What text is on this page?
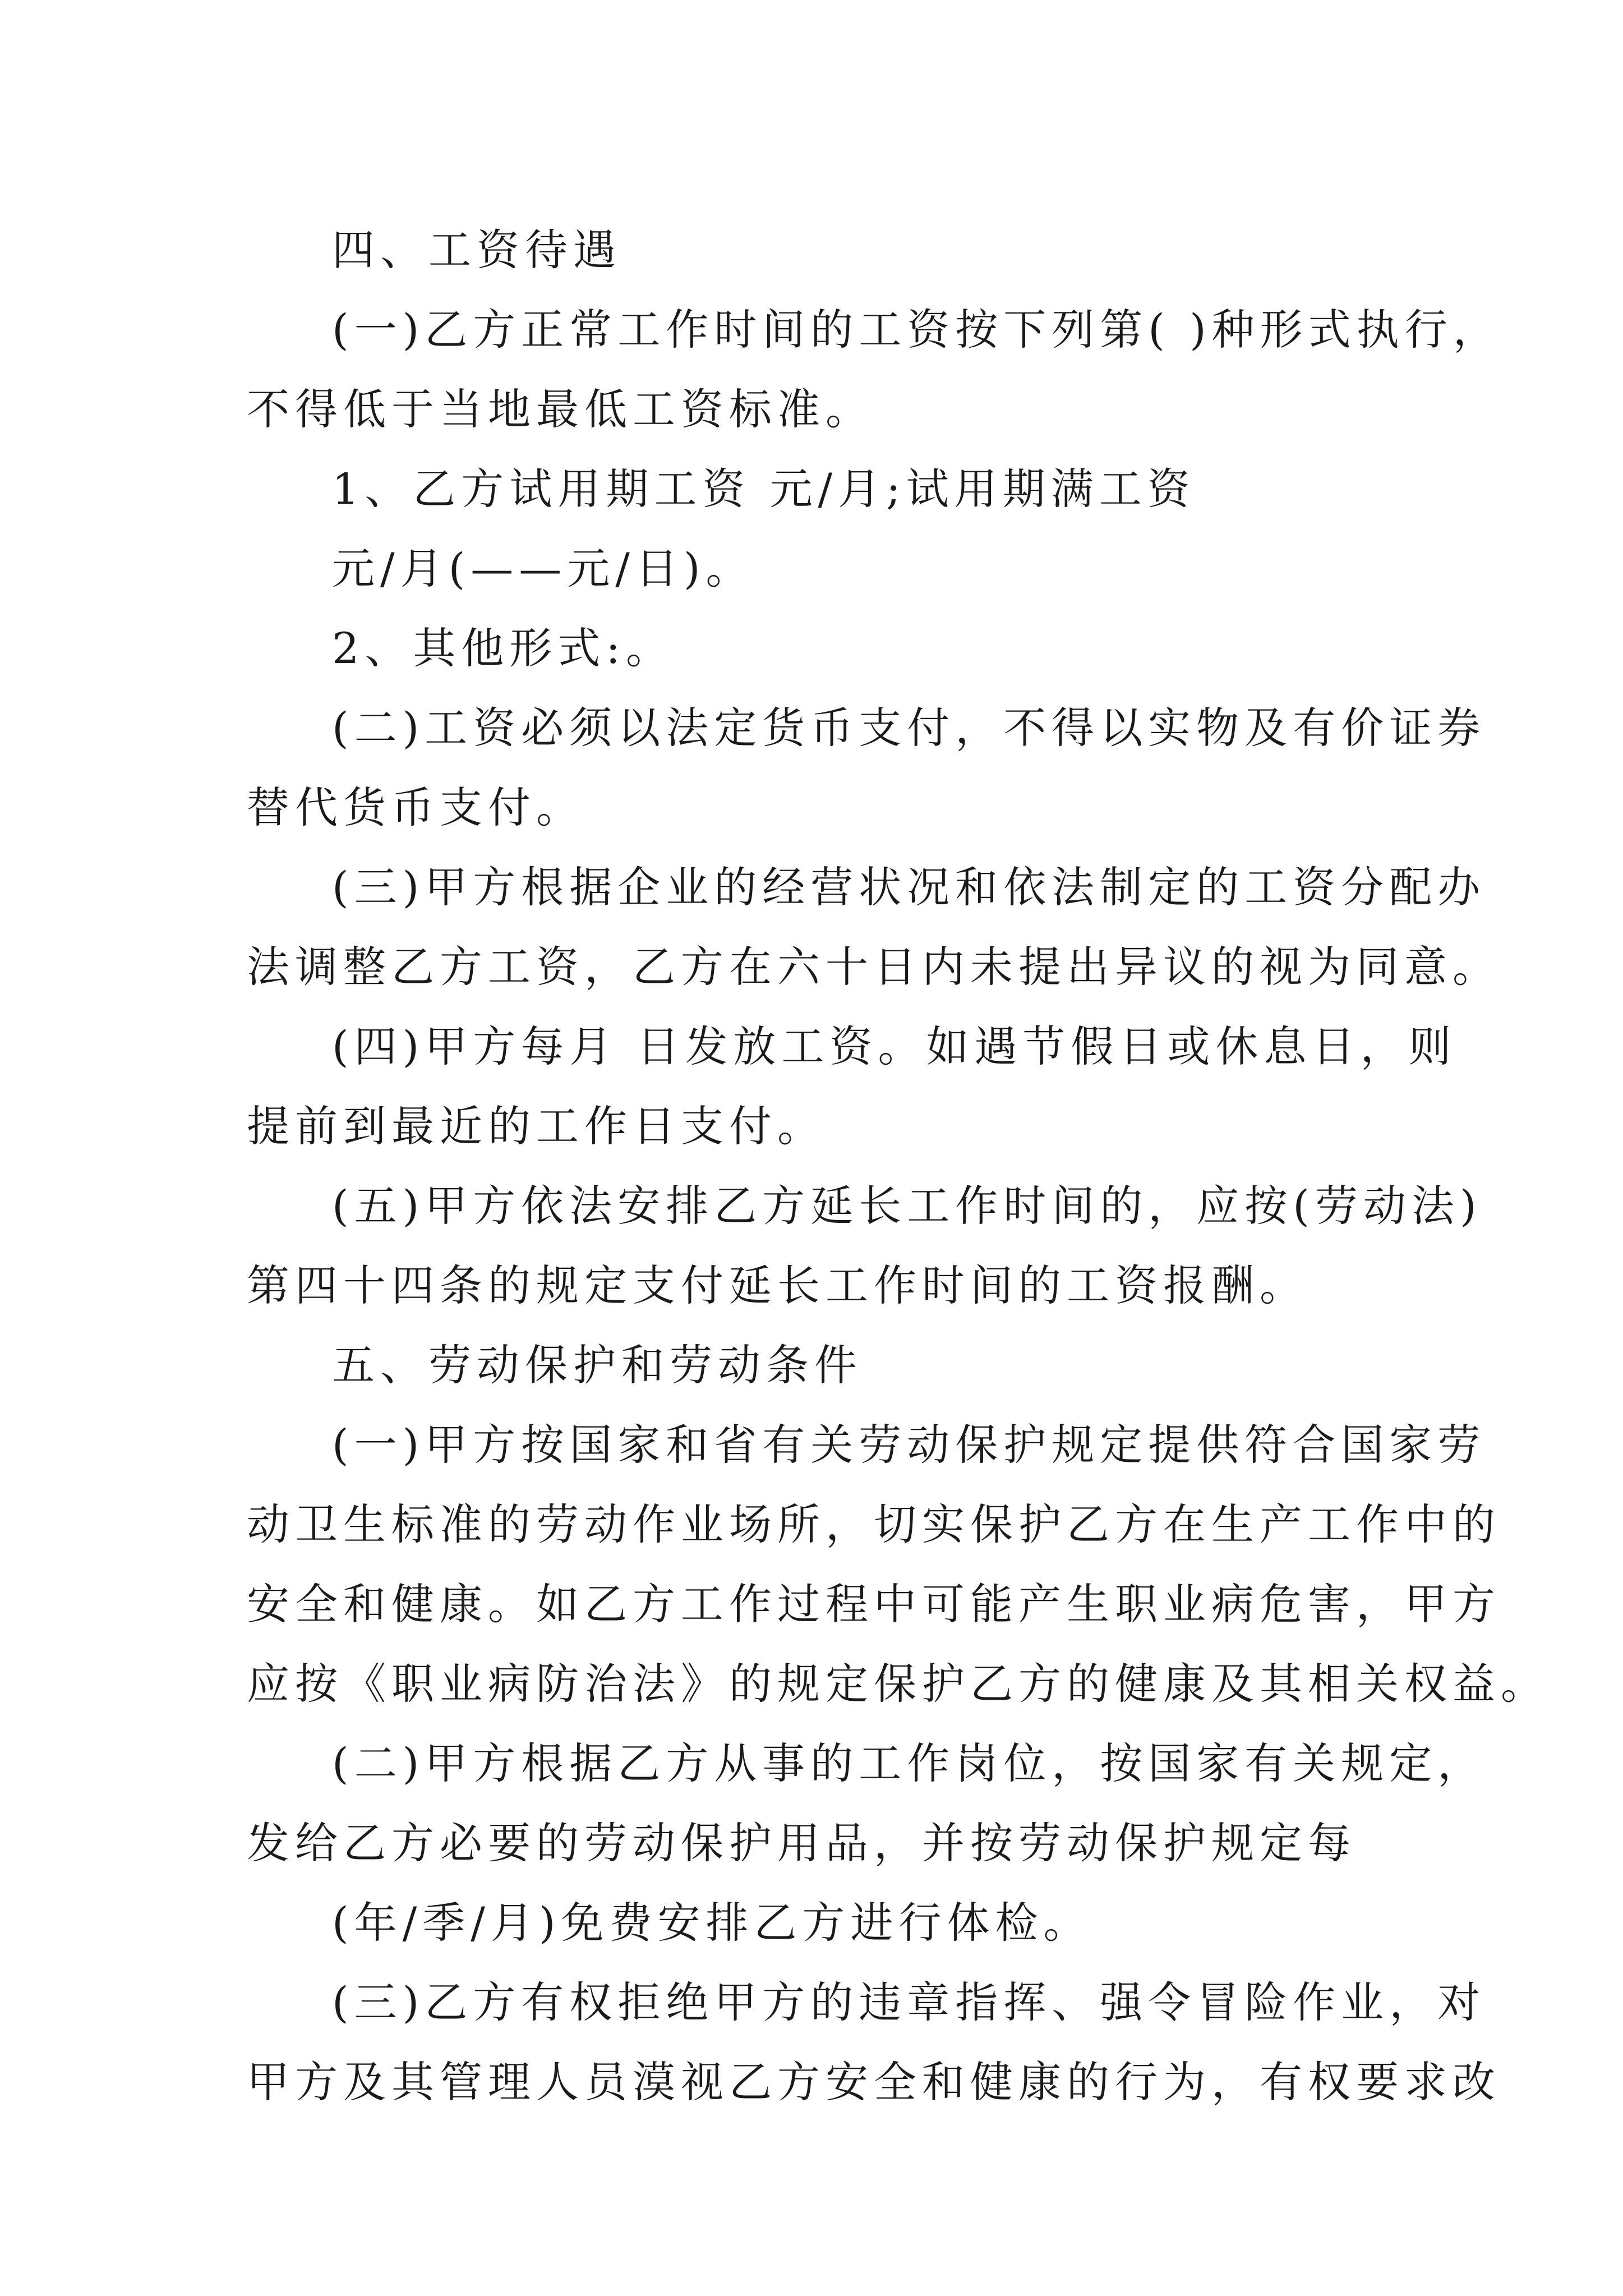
四、工资待遇
(一)乙方正常工作时间的工资按下列第( )种形式执行，
不得低于当地最低工资标准。
1、乙方试用期工资 元/月;试用期满工资
元/月(——元/日)。
2、其他形式:。
(二)工资必须以法定货币支付，不得以实物及有价证券
替代货币支付。
(三)甲方根据企业的经营状况和依法制定的工资分配办
法调整乙方工资，乙方在六十日内未提出异议的视为同意。
(四)甲方每月 日发放工资。如遇节假日或休息日，则
提前到最近的工作日支付。
(五)甲方依法安排乙方延长工作时间的，应按(劳动法)
第四十四条的规定支付延长工作时间的工资报酬。
五、劳动保护和劳动条件
(一)甲方按国家和省有关劳动保护规定提供符合国家劳
动卫生标准的劳动作业场所，切实保护乙方在生产工作中的
安全和健康。如乙方工作过程中可能产生职业病危害，甲方
应按《职业病防治法》的规定保护乙方的健康及其相关权益。
(二)甲方根据乙方从事的工作岗位，按国家有关规定，
发给乙方必要的劳动保护用品，并按劳动保护规定每
(年/季/月)免费安排乙方进行体检。
(三)乙方有权拒绝甲方的违章指挥、强令冒险作业，对
甲方及其管理人员漠视乙方安全和健康的行为，有权要求改
